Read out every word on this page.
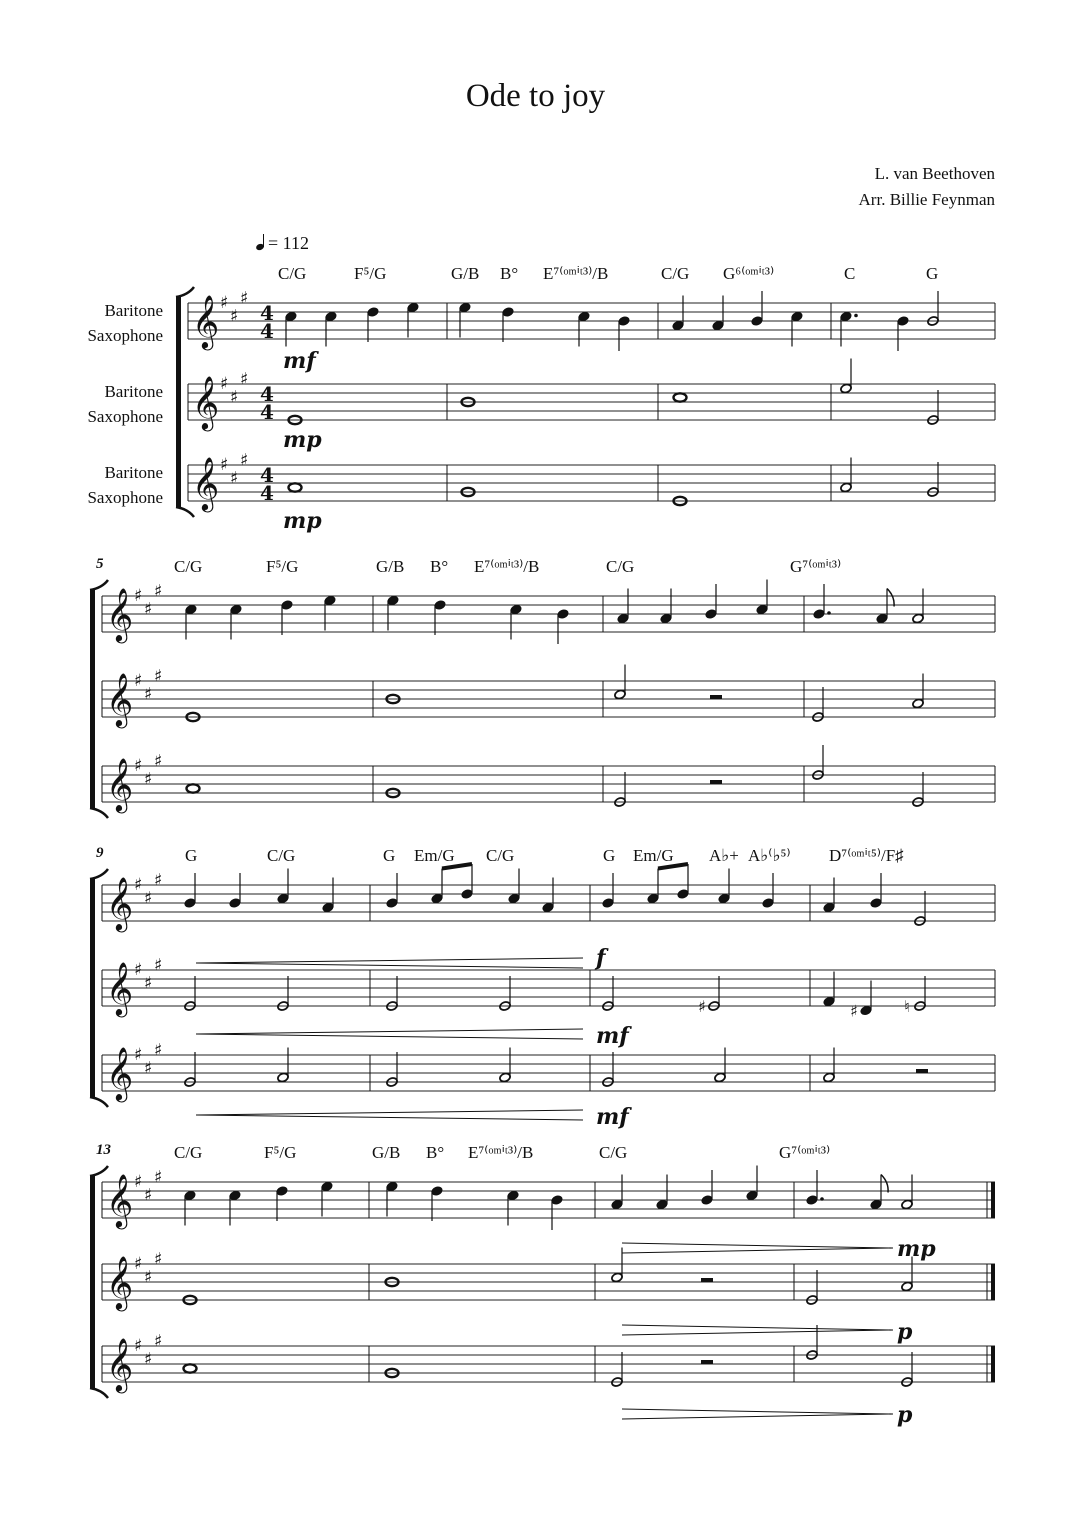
Ode to joy
L. van Beethoven
Arr. Billie Feynman
= 112
𝄞 ♯
♯
♯
4
4
𝄞 ♯
♯
♯
4
4
𝄞 ♯
♯
♯
4
4
𝄞 ♯
♯
♯
𝄞 ♯
♯
♯
𝄞 ♯
♯
♯
𝄞 ♯
♯
♯
𝄞 ♯
♯
♯
𝄞 ♯
♯
♯
𝄞 ♯
♯
♯
𝄞 ♯
♯
♯
𝄞 ♯
♯
♯
♯	♯	♮
Baritone
Saxophone
Baritone
Saxophone
Baritone
Saxophone
5
9
13
C/G	F⁵/G	G/B B° E⁷⁽ᵒᵐⁱᵗ³⁾/B	C/G G⁶⁽ᵒᵐⁱᵗ³⁾	C	G
C/G	F⁵/G	G/B B° E⁷⁽ᵒᵐⁱᵗ³⁾/B	C/G	G⁷⁽ᵒᵐⁱᵗ³⁾
G	C/G	G Em/G C/G	G Em/G A♭+ A♭⁽♭⁵⁾ D⁷⁽ᵒᵐⁱᵗ⁵⁾/F♯
C/G	F⁵/G	G/B B° E⁷⁽ᵒᵐⁱᵗ³⁾/B	C/G	G⁷⁽ᵒᵐⁱᵗ³⁾
mf
mp
mp
f
mf
mf
mp
p
p
